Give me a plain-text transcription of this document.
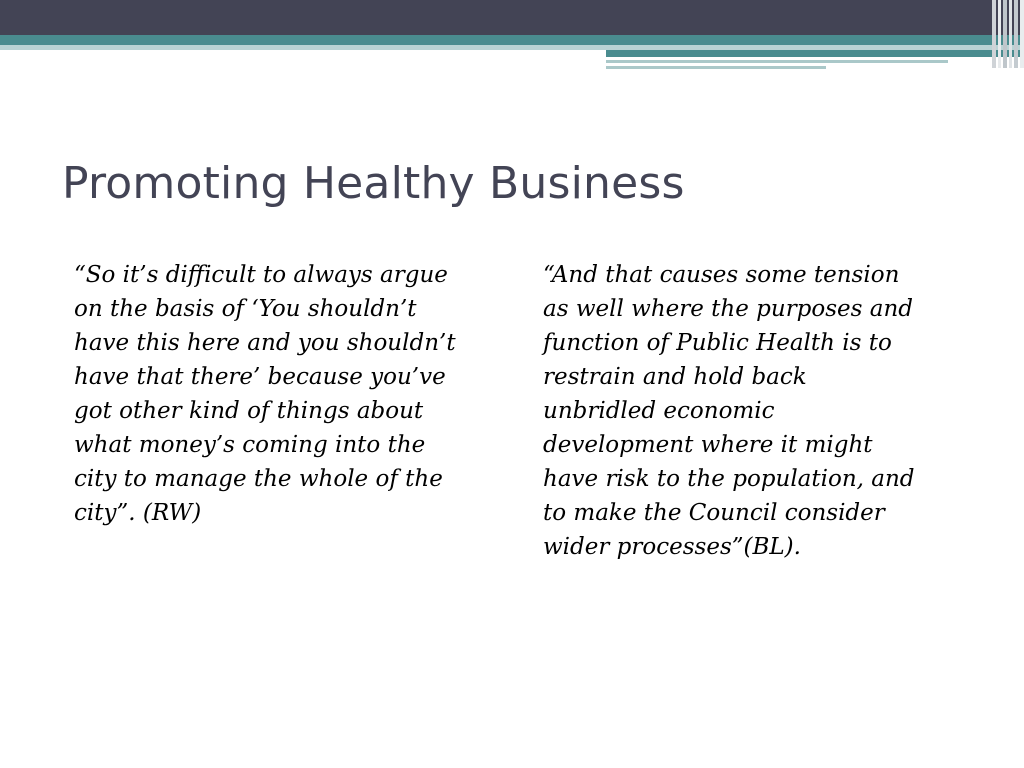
Promoting Healthy Business

“So it’s difficult to always argue
on the basis of ‘You shouldn’t
have this here and you shouldn’t
have that there’ because you’ve
got other kind of things about
what money’s coming into the
city to manage the whole of the
city”. (RW)

“And that causes some tension
as well where the purposes and
function of Public Health is to
restrain and hold back
unbridled economic
development where it might
have risk to the population, and
to make the Council consider
wider processes”(BL).
